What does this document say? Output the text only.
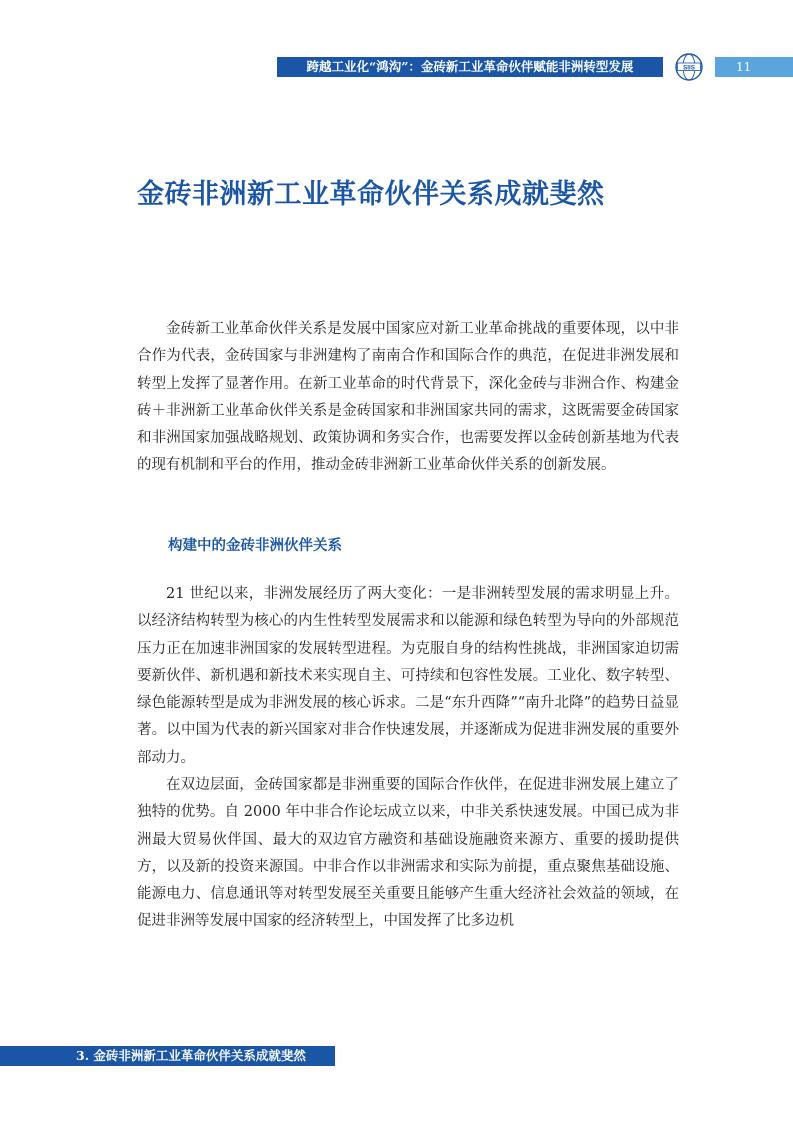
跨越工业化“鸿沟”：金砖新工业革命伙伴赋能非洲转型发展	SIIS	11
金砖非洲新工业革命伙伴关系成就斐然

金砖新工业革命伙伴关系是发展中国家应对新工业革命挑战的重要体现，以中非合作为代表，金砖国家与非洲建构了南南合作和国际合作的典范，在促进非洲发展和转型上发挥了显著作用。在新工业革命的时代背景下，深化金砖与非洲合作、构建金砖＋非洲新工业革命伙伴关系是金砖国家和非洲国家共同的需求，这既需要金砖国家和非洲国家加强战略规划、政策协调和务实合作，也需要发挥以金砖创新基地为代表的现有机制和平台的作用，推动金砖非洲新工业革命伙伴关系的创新发展。

构建中的金砖非洲伙伴关系

21 世纪以来，非洲发展经历了两大变化：一是非洲转型发展的需求明显上升。以经济结构转型为核心的内生性转型发展需求和以能源和绿色转型为导向的外部规范压力正在加速非洲国家的发展转型进程。为克服自身的结构性挑战，非洲国家迫切需要新伙伴、新机遇和新技术来实现自主、可持续和包容性发展。工业化、数字转型、绿色能源转型是成为非洲发展的核心诉求。二是“东升西降”“南升北降”的趋势日益显著。以中国为代表的新兴国家对非合作快速发展，并逐渐成为促进非洲发展的重要外部动力。

在双边层面，金砖国家都是非洲重要的国际合作伙伴，在促进非洲发展上建立了独特的优势。自 2000 年中非合作论坛成立以来，中非关系快速发展。中国已成为非洲最大贸易伙伴国、最大的双边官方融资和基础设施融资来源方、重要的援助提供方，以及新的投资来源国。中非合作以非洲需求和实际为前提，重点聚焦基础设施、能源电力、信息通讯等对转型发展至关重要且能够产生重大经济社会效益的领域，在促进非洲等发展中国家的经济转型上，中国发挥了比多边机

3. 金砖非洲新工业革命伙伴关系成就斐然
